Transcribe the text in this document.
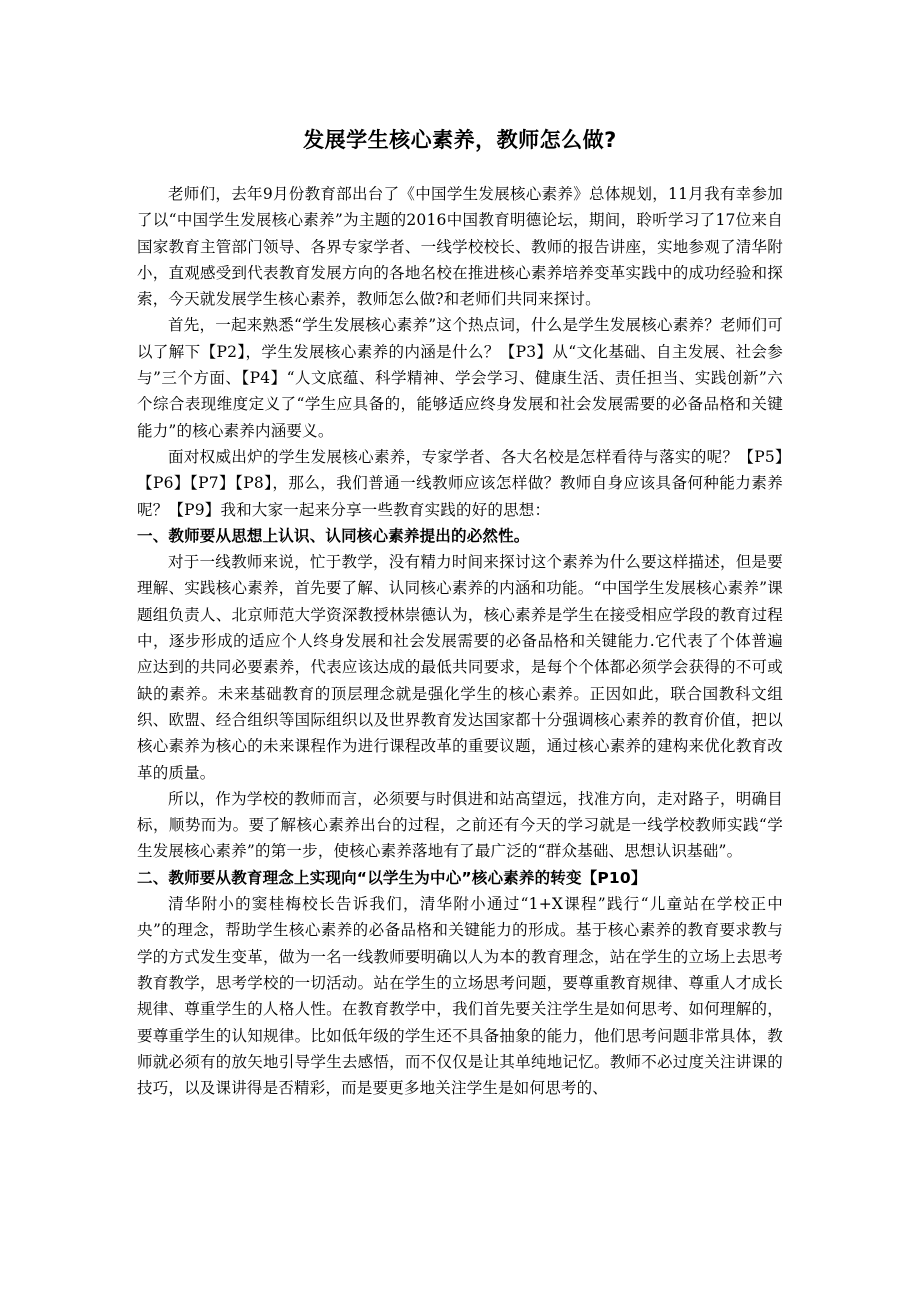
发展学生核心素养，教师怎么做?

老师们，去年9月份教育部出台了《中国学生发展核心素养》总体规划，11月我有幸参加了以“中国学生发展核心素养”为主题的2016中国教育明德论坛，期间，聆听学习了17位来自国家教育主管部门领导、各界专家学者、一线学校校长、教师的报告讲座，实地参观了清华附小，直观感受到代表教育发展方向的各地名校在推进核心素养培养变革实践中的成功经验和探索，今天就发展学生核心素养，教师怎么做?和老师们共同来探讨。

首先，一起来熟悉“学生发展核心素养”这个热点词，什么是学生发展核心素养？老师们可以了解下【P2】，学生发展核心素养的内涵是什么？【P3】从“文化基础、自主发展、社会参与”三个方面、【P4】“人文底蕴、科学精神、学会学习、健康生活、责任担当、实践创新”六个综合表现维度定义了“学生应具备的，能够适应终身发展和社会发展需要的必备品格和关键能力”的核心素养内涵要义。

面对权威出炉的学生发展核心素养，专家学者、各大名校是怎样看待与落实的呢？【P5】【P6】【P7】【P8】，那么，我们普通一线教师应该怎样做？教师自身应该具备何种能力素养呢？【P9】我和大家一起来分享一些教育实践的好的思想：

一、教师要从思想上认识、认同核心素养提出的必然性。

对于一线教师来说，忙于教学，没有精力时间来探讨这个素养为什么要这样描述，但是要理解、实践核心素养，首先要了解、认同核心素养的内涵和功能。“中国学生发展核心素养”课题组负责人、北京师范大学资深教授林崇德认为，核心素养是学生在接受相应学段的教育过程中，逐步形成的适应个人终身发展和社会发展需要的必备品格和关键能力.它代表了个体普遍应达到的共同必要素养，代表应该达成的最低共同要求，是每个个体都必须学会获得的不可或缺的素养。未来基础教育的顶层理念就是强化学生的核心素养。正因如此，联合国教科文组织、欧盟、经合组织等国际组织以及世界教育发达国家都十分强调核心素养的教育价值，把以核心素养为核心的未来课程作为进行课程改革的重要议题，通过核心素养的建构来优化教育改革的质量。

所以，作为学校的教师而言，必须要与时俱进和站高望远，找准方向，走对路子，明确目标，顺势而为。要了解核心素养出台的过程，之前还有今天的学习就是一线学校教师实践“学生发展核心素养”的第一步，使核心素养落地有了最广泛的“群众基础、思想认识基础”。

二、教师要从教育理念上实现向“以学生为中心”核心素养的转变【P10】

清华附小的窦桂梅校长告诉我们，清华附小通过“1+X课程”践行“儿童站在学校正中央”的理念，帮助学生核心素养的必备品格和关键能力的形成。基于核心素养的教育要求教与学的方式发生变革，做为一名一线教师要明确以人为本的教育理念，站在学生的立场上去思考教育教学，思考学校的一切活动。站在学生的立场思考问题，要尊重教育规律、尊重人才成长规律、尊重学生的人格人性。在教育教学中，我们首先要关注学生是如何思考、如何理解的，要尊重学生的认知规律。比如低年级的学生还不具备抽象的能力，他们思考问题非常具体，教师就必须有的放矢地引导学生去感悟，而不仅仅是让其单纯地记忆。教师不必过度关注讲课的技巧，以及课讲得是否精彩，而是要更多地关注学生是如何思考的、
